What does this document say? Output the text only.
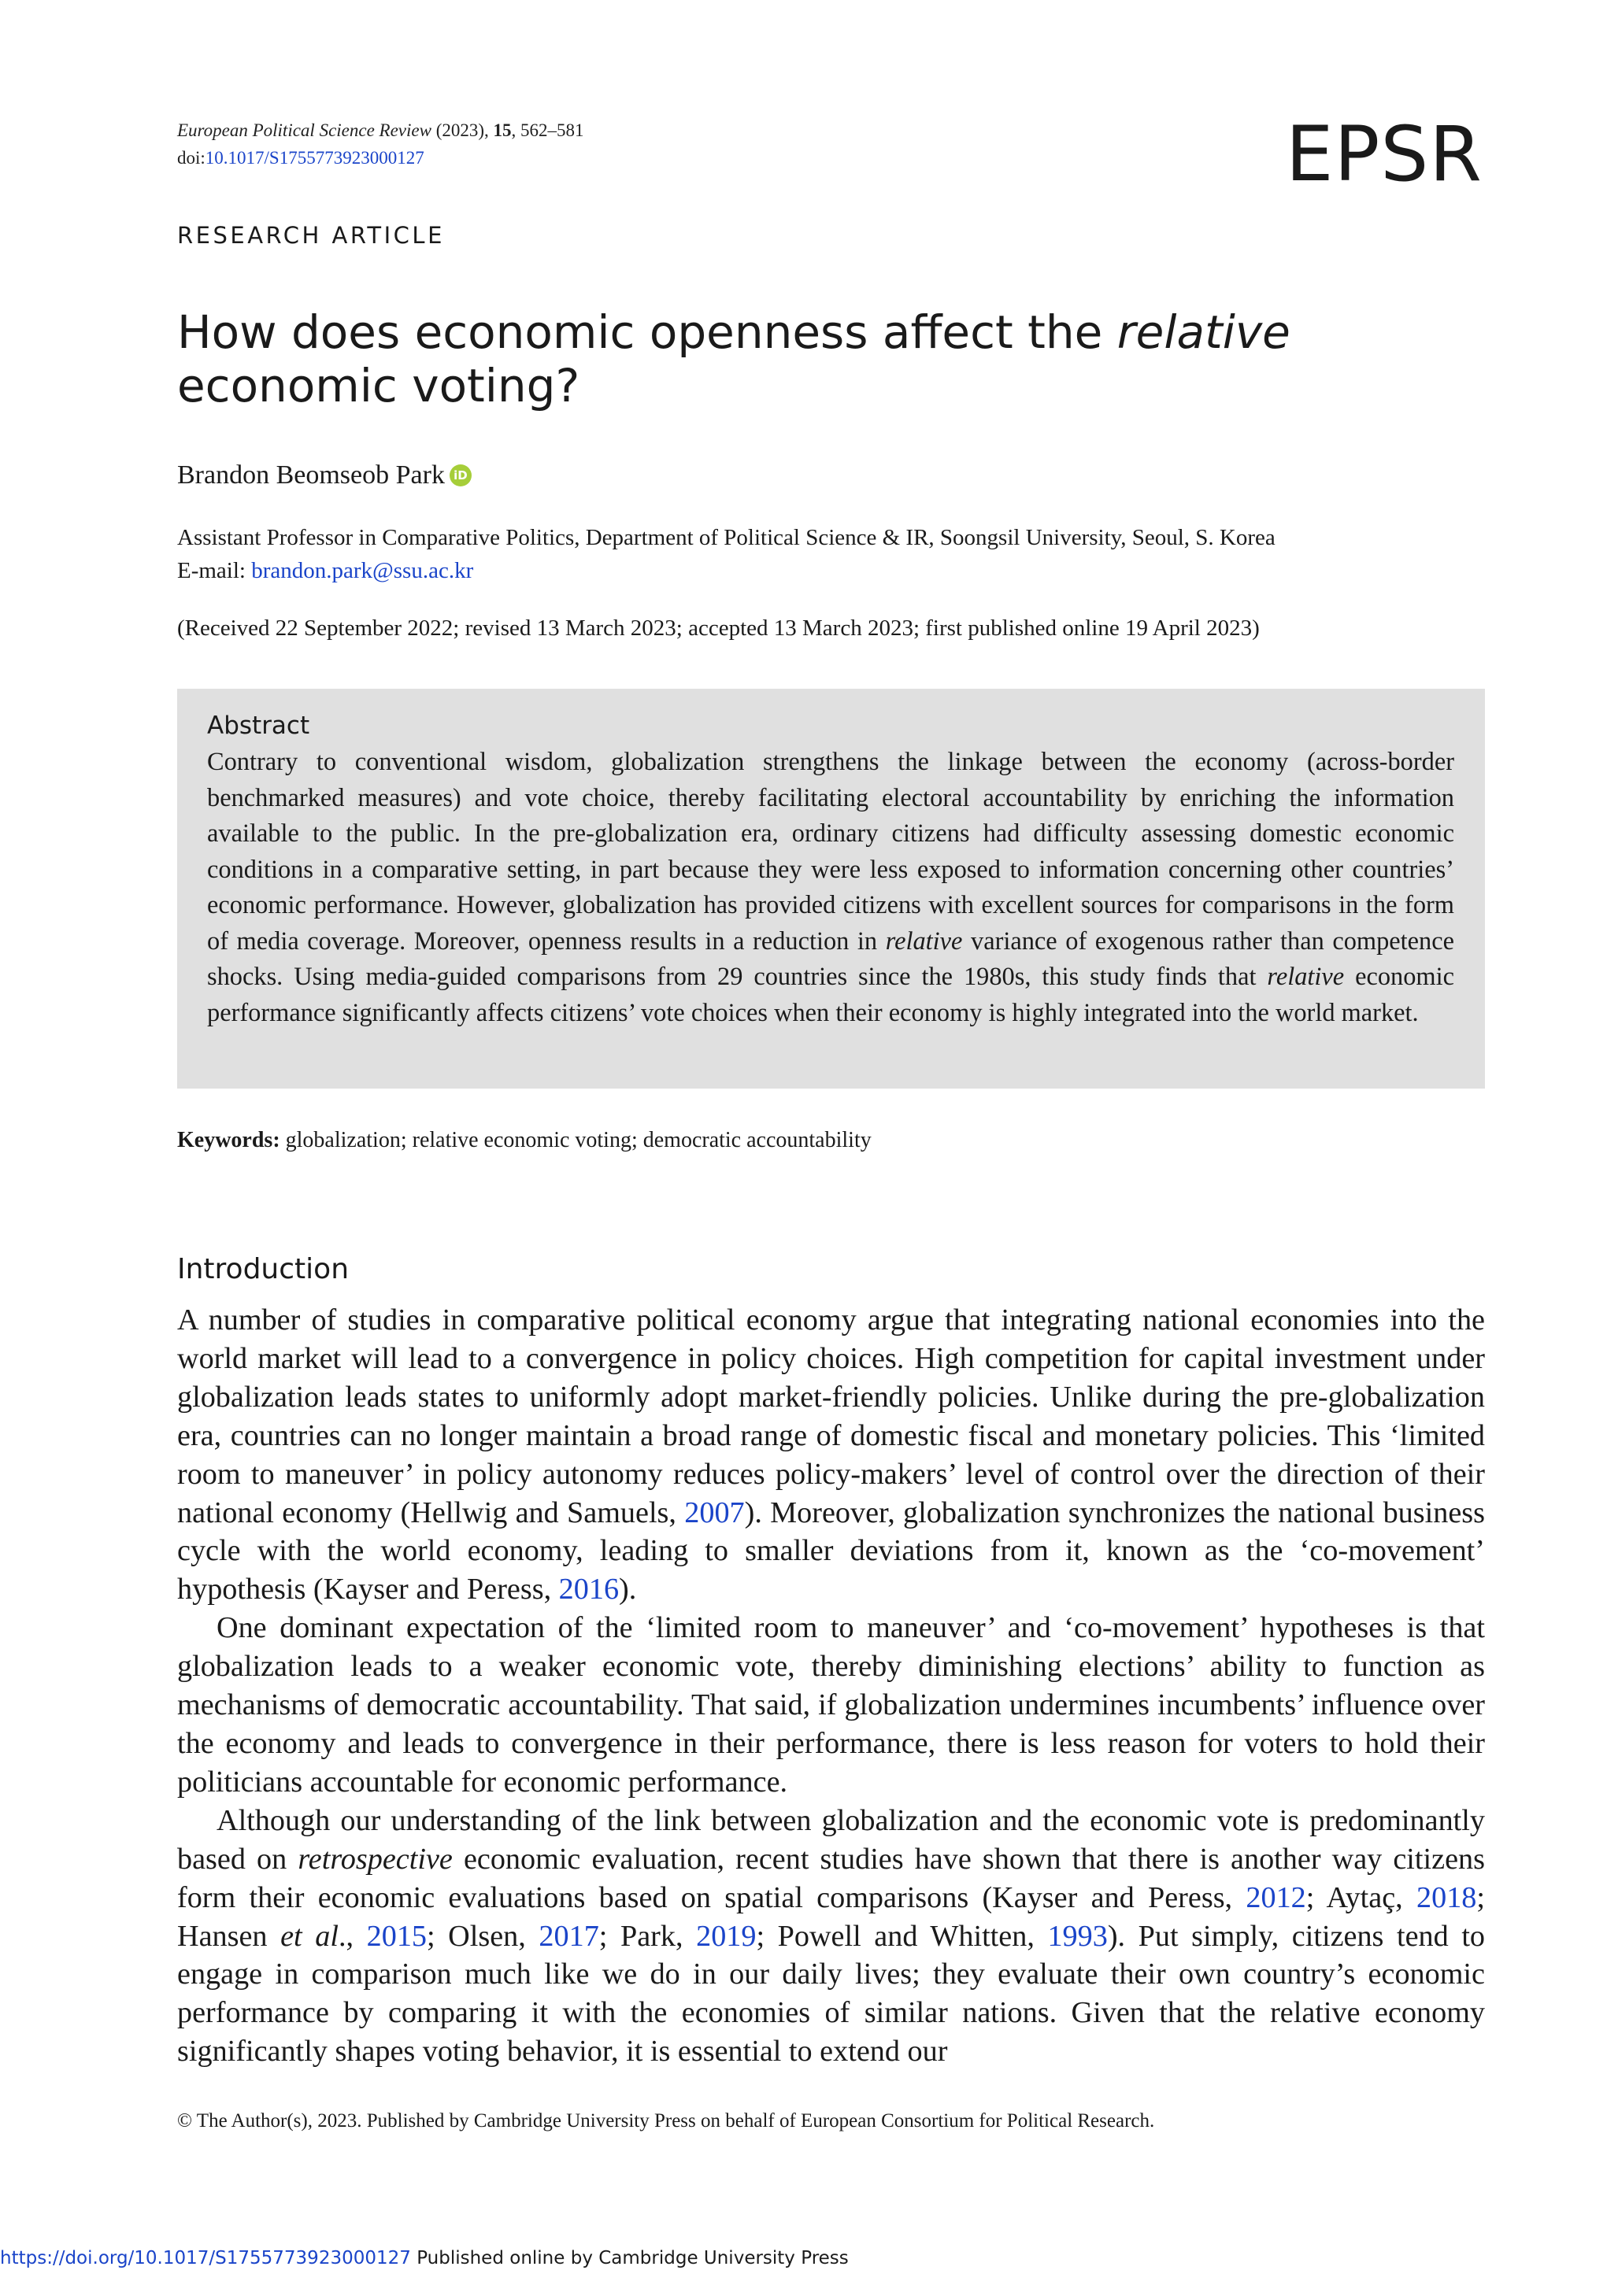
European Political Science Review (2023), 15, 562–581
doi:10.1017/S1755773923000127	EPSR
RESEARCH ARTICLE
How does economic openness affect the relative economic voting?
Brandon Beomseob Park iD
Assistant Professor in Comparative Politics, Department of Political Science & IR, Soongsil University, Seoul, S. Korea
E-mail: brandon.park@ssu.ac.kr
(Received 22 September 2022; revised 13 March 2023; accepted 13 March 2023; first published online 19 April 2023)
Abstract
Contrary to conventional wisdom, globalization strengthens the linkage between the economy (across-border benchmarked measures) and vote choice, thereby facilitating electoral accountability by enriching the information available to the public. In the pre-globalization era, ordinary citizens had difficulty assessing domestic economic conditions in a comparative setting, in part because they were less exposed to information concerning other countries’ economic performance. However, globalization has provided citizens with excellent sources for comparisons in the form of media coverage. Moreover, openness results in a reduction in relative variance of exogenous rather than competence shocks. Using media-guided comparisons from 29 countries since the 1980s, this study finds that relative economic performance significantly affects citizens’ vote choices when their economy is highly integrated into the world market.
Keywords: globalization; relative economic voting; democratic accountability
Introduction

A number of studies in comparative political economy argue that integrating national economies into the world market will lead to a convergence in policy choices. High competition for capital investment under globalization leads states to uniformly adopt market-friendly policies. Unlike during the pre-globalization era, countries can no longer maintain a broad range of domestic fiscal and monetary policies. This ‘limited room to maneuver’ in policy autonomy reduces policy-makers’ level of control over the direction of their national economy (Hellwig and Samuels, 2007). Moreover, globalization synchronizes the national business cycle with the world economy, leading to smaller deviations from it, known as the ‘co-movement’ hypothesis (Kayser and Peress, 2016).

One dominant expectation of the ‘limited room to maneuver’ and ‘co-movement’ hypotheses is that globalization leads to a weaker economic vote, thereby diminishing elections’ ability to function as mechanisms of democratic accountability. That said, if globalization undermines incumbents’ influence over the economy and leads to convergence in their performance, there is less reason for voters to hold their politicians accountable for economic performance.

Although our understanding of the link between globalization and the economic vote is predominantly based on retrospective economic evaluation, recent studies have shown that there is another way citizens form their economic evaluations based on spatial comparisons (Kayser and Peress, 2012; Aytaç, 2018; Hansen et al., 2015; Olsen, 2017; Park, 2019; Powell and Whitten, 1993). Put simply, citizens tend to engage in comparison much like we do in our daily lives; they evaluate their own country’s economic performance by comparing it with the economies of similar nations. Given that the relative economy significantly shapes voting behavior, it is essential to extend our

© The Author(s), 2023. Published by Cambridge University Press on behalf of European Consortium for Political Research.
https://doi.org/10.1017/S1755773923000127 Published online by Cambridge University Press
